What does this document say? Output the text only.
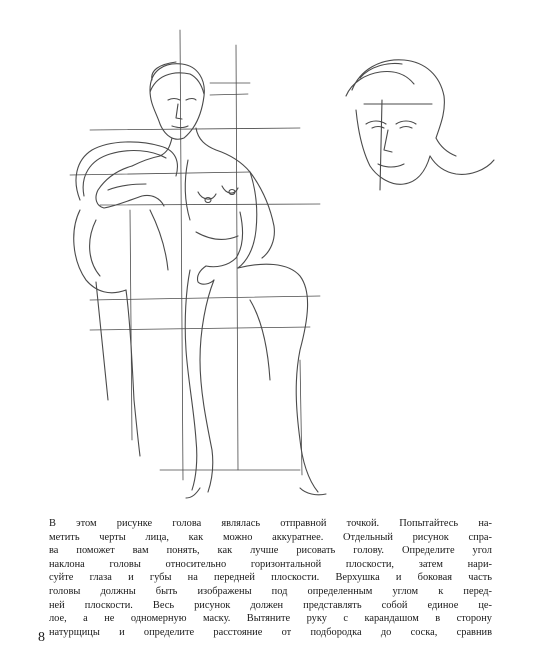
В этом рисунке голова являлась отправной точкой. Попытайтесь на-
метить черты лица, как можно аккуратнее. Отдельный рисунок спра-
ва поможет вам понять, как лучше рисовать голову. Определите угол
наклона головы относительно горизонтальной плоскости, затем нари-
суйте глаза и губы на передней плоскости. Верхушка и боковая часть
головы должны быть изображены под определенным углом к перед-
ней плоскости. Весь рисунок должен представлять собой единое це-
лое, а не одномерную маску. Вытяните руку с карандашом в сторону
натурщицы и определите расстояние от подбородка до соска, сравнив

8
